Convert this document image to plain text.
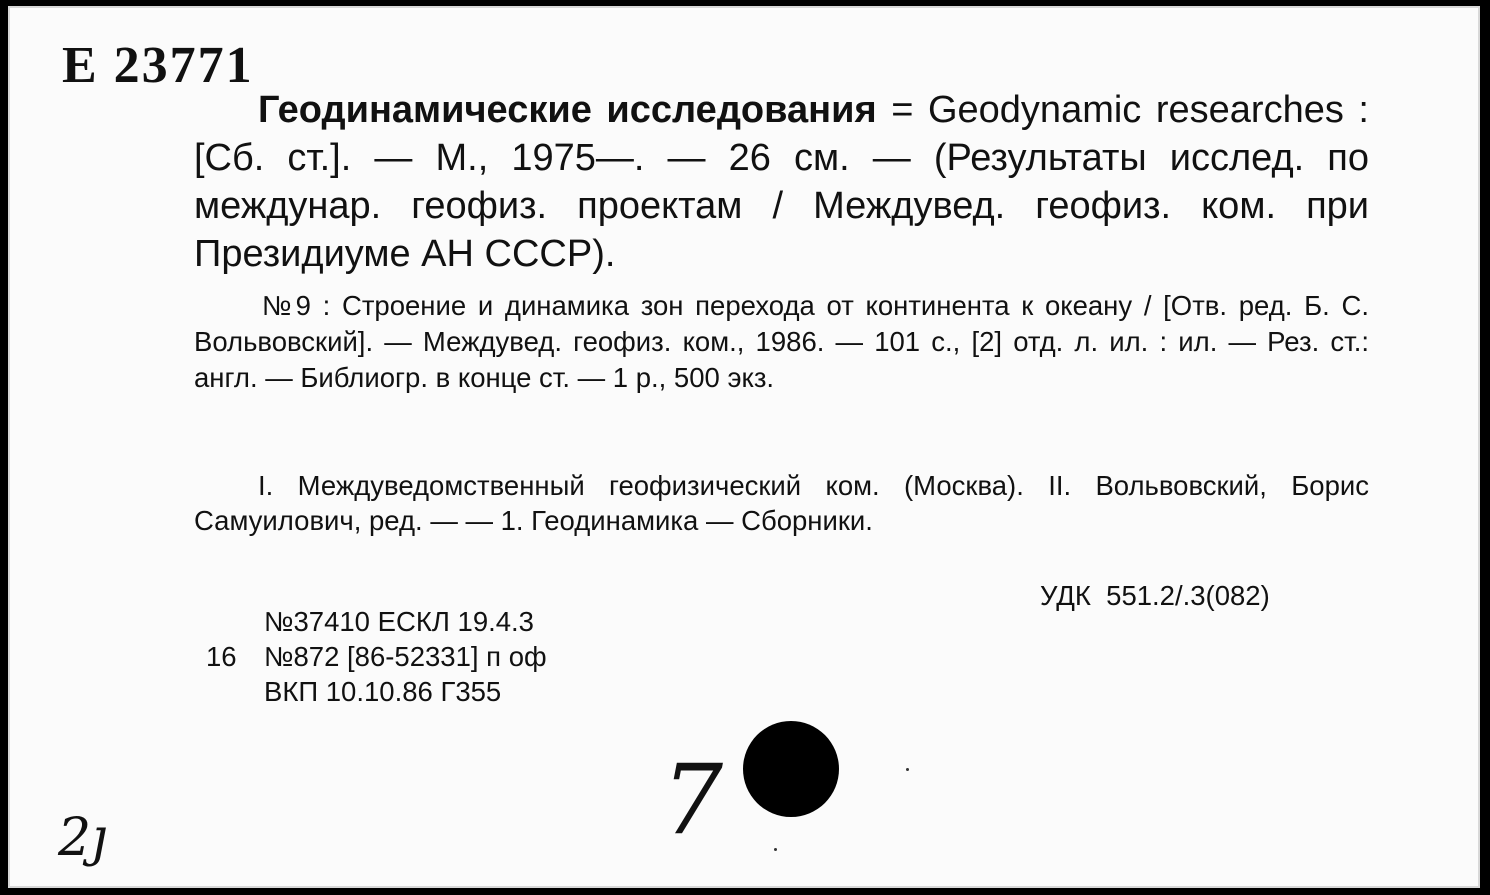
Е 23771

Геодинамические исследования = Geodynamic researches : [Сб. ст.]. — М., 1975—. — 26 см. — (Результаты исслед. по междунар. геофиз. проектам / Междувед. геофиз. ком. при Президиуме АН СССР).

№9 : Строение и динамика зон перехода от континента к океану / [Отв. ред. Б. С. Вольвовский]. — Междувед. геофиз. ком., 1986. — 101 с., [2] отд. л. ил. : ил. — Рез. ст.: англ. — Библиогр. в конце ст. — 1 р., 500 экз.
I. Междуведомственный геофизический ком. (Москва). II. Вольвовский, Борис Самуилович, ред. — — 1. Геодинамика — Сборники.
УДК  551.2/.3(082)
№37410 ЕСКЛ 19.4.3
16 №872 [86-52331] п оф
ВКП 10.10.86 Г355
2ȷ	7
